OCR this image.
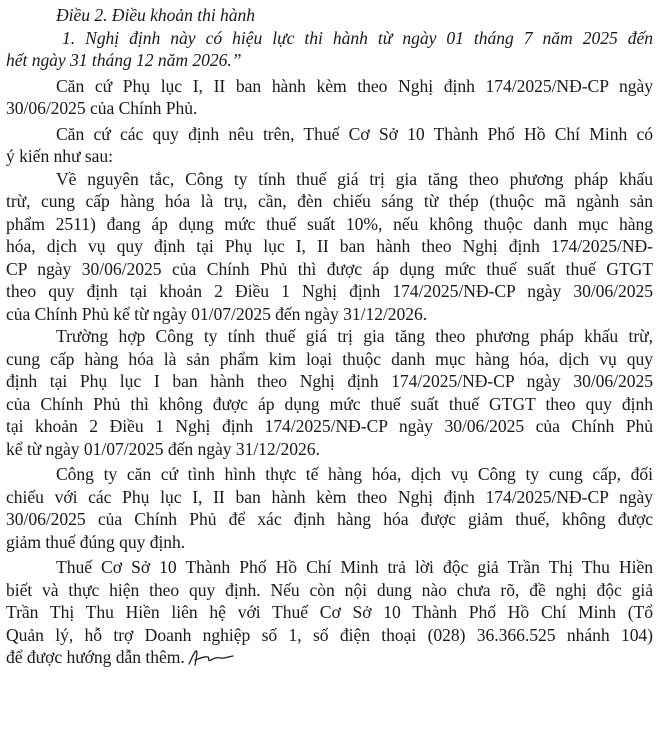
Điều 2. Điều khoản thi hành

1. Nghị định này có hiệu lực thi hành từ ngày 01 tháng 7 năm 2025 đến

hết ngày 31 tháng 12 năm 2026.”

Căn cứ Phụ lục I, II ban hành kèm theo Nghị định 174/2025/NĐ-CP ngày

30/06/2025 của Chính Phủ.

Căn cứ các quy định nêu trên, Thuế Cơ Sở 10 Thành Phố Hồ Chí Minh có

ý kiến như sau:

Về nguyên tắc, Công ty tính thuế giá trị gia tăng theo phương pháp khấu

trừ, cung cấp hàng hóa là trụ, cần, đèn chiếu sáng từ thép (thuộc mã ngành sản

phẩm 2511) đang áp dụng mức thuế suất 10%, nếu không thuộc danh mục hàng

hóa, dịch vụ quy định tại Phụ lục I, II ban hành theo Nghị định 174/2025/NĐ-

CP ngày 30/06/2025 của Chính Phủ thì được áp dụng mức thuế suất thuế GTGT

theo quy định tại khoản 2 Điều 1 Nghị định 174/2025/NĐ-CP ngày 30/06/2025

của Chính Phủ kể từ ngày 01/07/2025 đến ngày 31/12/2026.

Trường hợp Công ty tính thuế giá trị gia tăng theo phương pháp khấu trừ,

cung cấp hàng hóa là sản phẩm kim loại thuộc danh mục hàng hóa, dịch vụ quy

định tại Phụ lục I ban hành theo Nghị định 174/2025/NĐ-CP ngày 30/06/2025

của Chính Phủ thì không được áp dụng mức thuế suất thuế GTGT theo quy định

tại khoản 2 Điều 1 Nghị định 174/2025/NĐ-CP ngày 30/06/2025 của Chính Phủ

kể từ ngày 01/07/2025 đến ngày 31/12/2026.

Công ty căn cứ tình hình thực tế hàng hóa, dịch vụ Công ty cung cấp, đối

chiếu với các Phụ lục I, II ban hành kèm theo Nghị định 174/2025/NĐ-CP ngày

30/06/2025 của Chính Phủ để xác định hàng hóa được giảm thuế, không được

giảm thuế đúng quy định.

Thuế Cơ Sở 10 Thành Phố Hồ Chí Minh trả lời độc giả Trần Thị Thu Hiền

biết và thực hiện theo quy định. Nếu còn nội dung nào chưa rõ, đề nghị độc giả

Trần Thị Thu Hiền liên hệ với Thuế Cơ Sở 10 Thành Phố Hồ Chí Minh (Tổ

Quản lý, hỗ trợ Doanh nghiệp số 1, số điện thoại (028) 36.366.525 nhánh 104)

để được hướng dẫn thêm.
